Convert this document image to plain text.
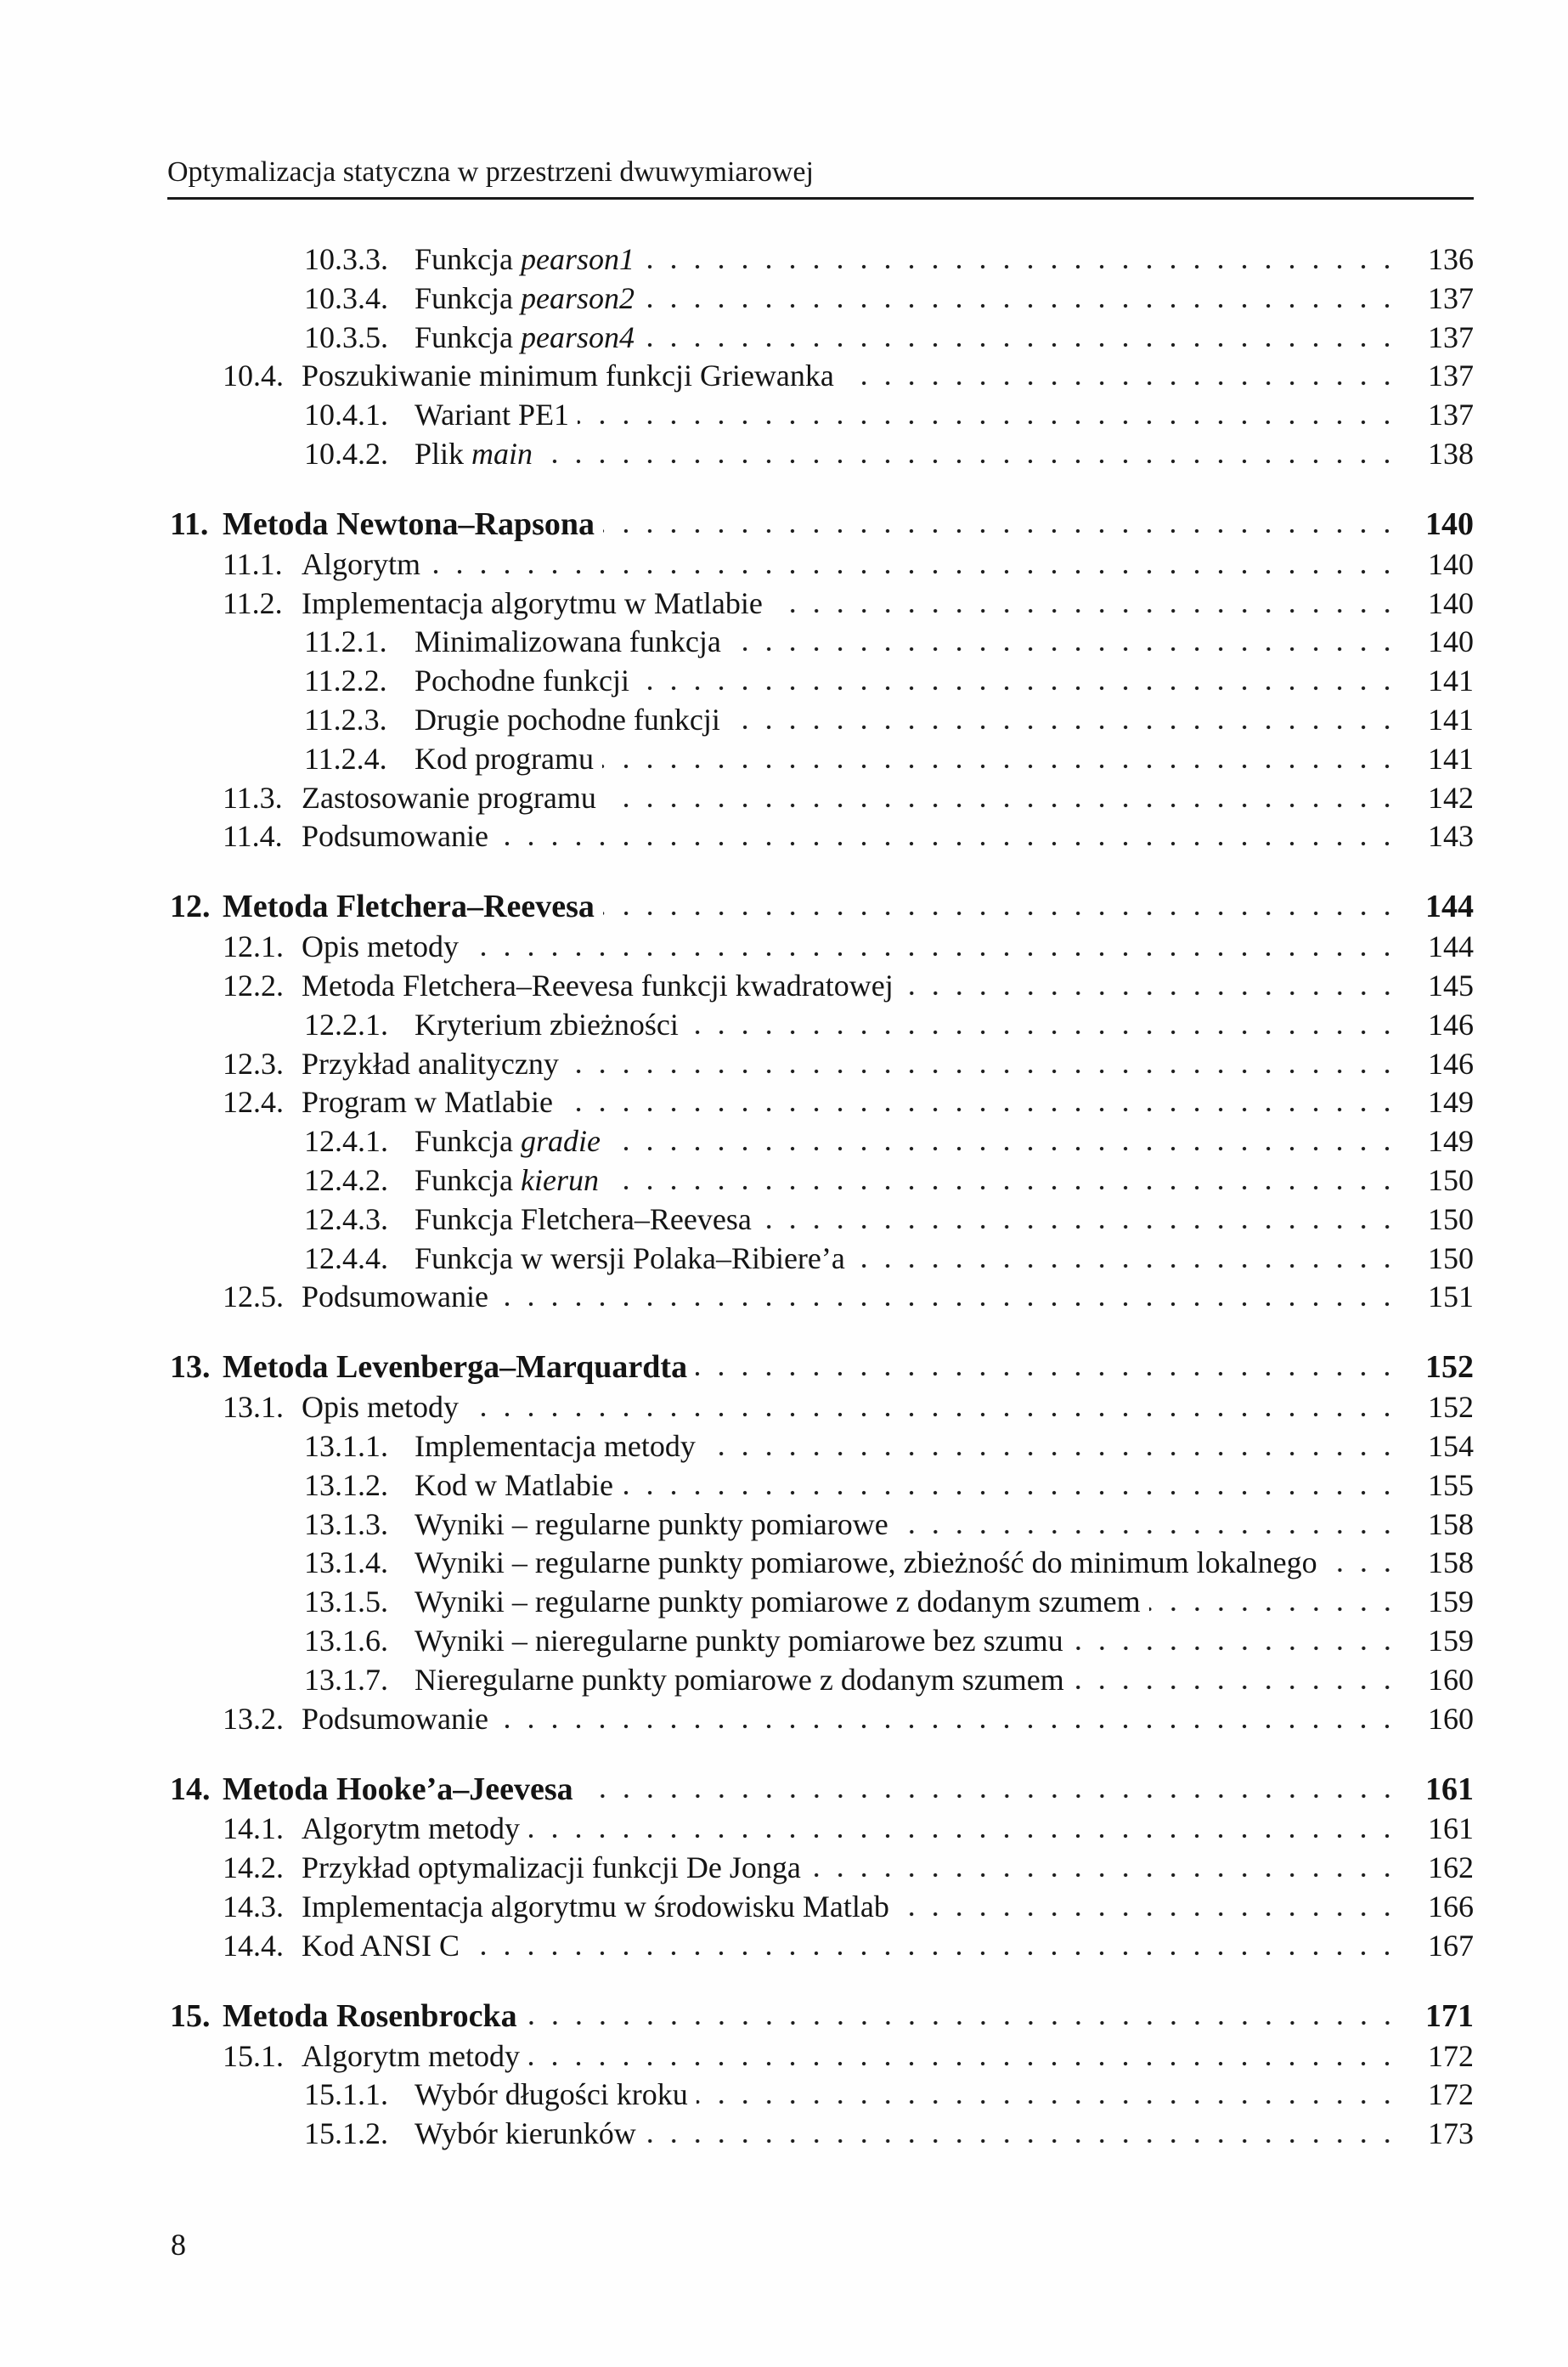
Optymalizacja statyczna w przestrzeni dwuwymiarowej
10.3.3. Funkcja pearson1	136
10.3.4. Funkcja pearson2	137
10.3.5. Funkcja pearson4	137
10.4. Poszukiwanie minimum funkcji Griewanka	137
10.4.1. Wariant PE1	137
10.4.2. Plik main	138
11. Metoda Newtona–Rapsona	140
11.1. Algorytm	140
11.2. Implementacja algorytmu w Matlabie	140
11.2.1. Minimalizowana funkcja	140
11.2.2. Pochodne funkcji	141
11.2.3. Drugie pochodne funkcji	141
11.2.4. Kod programu	141
11.3. Zastosowanie programu	142
11.4. Podsumowanie	143
12. Metoda Fletchera–Reevesa	144
12.1. Opis metody	144
12.2. Metoda Fletchera–Reevesa funkcji kwadratowej	145
12.2.1. Kryterium zbieżności	146
12.3. Przykład analityczny	146
12.4. Program w Matlabie	149
12.4.1. Funkcja gradie	149
12.4.2. Funkcja kierun	150
12.4.3. Funkcja Fletchera–Reevesa	150
12.4.4. Funkcja w wersji Polaka–Ribiere’a	150
12.5. Podsumowanie	151
13. Metoda Levenberga–Marquardta	152
13.1. Opis metody	152
13.1.1. Implementacja metody	154
13.1.2. Kod w Matlabie	155
13.1.3. Wyniki – regularne punkty pomiarowe	158
13.1.4. Wyniki – regularne punkty pomiarowe, zbieżność do minimum lokalnego	158
13.1.5. Wyniki – regularne punkty pomiarowe z dodanym szumem	159
13.1.6. Wyniki – nieregularne punkty pomiarowe bez szumu	159
13.1.7. Nieregularne punkty pomiarowe z dodanym szumem	160
13.2. Podsumowanie	160
14. Metoda Hooke’a–Jeevesa	161
14.1. Algorytm metody	161
14.2. Przykład optymalizacji funkcji De Jonga	162
14.3. Implementacja algorytmu w środowisku Matlab	166
14.4. Kod ANSI C	167
15. Metoda Rosenbrocka	171
15.1. Algorytm metody	172
15.1.1. Wybór długości kroku	172
15.1.2. Wybór kierunków	173
8
